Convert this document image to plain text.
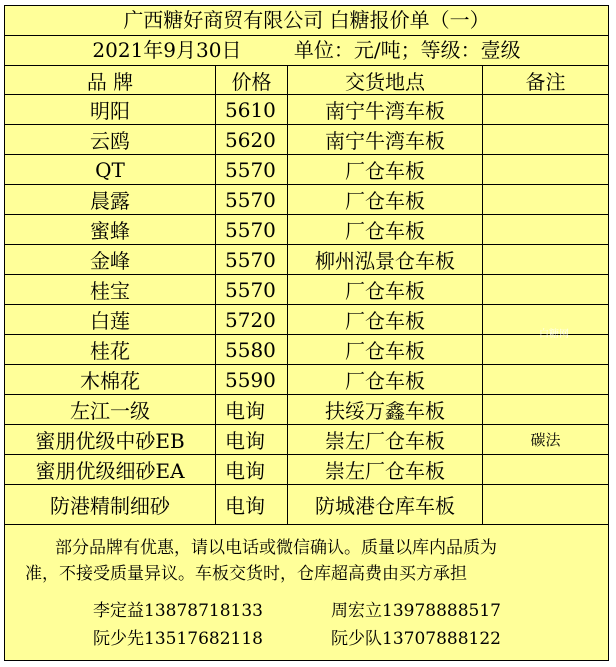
广西糖好商贸有限公司 白糖报价单（一）
2021年9月30日	单位：元/吨；等级：壹级
品 牌	价格	交货地点	备注
明阳	5610	南宁牛湾车板
云鸥	5620	南宁牛湾车板
QT	5570	厂仓车板
晨露	5570	厂仓车板
蜜蜂	5570	厂仓车板
金峰	5570	柳州泓景仓车板
桂宝	5570	厂仓车板
白莲	5720	厂仓车板
桂花	5580	厂仓车板
木棉花	5590	厂仓车板
左江一级	电询	扶绥万鑫车板
蜜朋优级中砂EB	电询	崇左厂仓车板	碳法
蜜朋优级细砂EA	电询	崇左厂仓车板
防港精制细砂	电询	防城港仓库车板
白糖网

部分品牌有优惠，请以电话或微信确认。质量以库内品质为

准，不接受质量异议。车板交货时，仓库超高费由买方承担

李定益13878718133	周宏立13978888517
阮少先13517682118	阮少队13707888122
